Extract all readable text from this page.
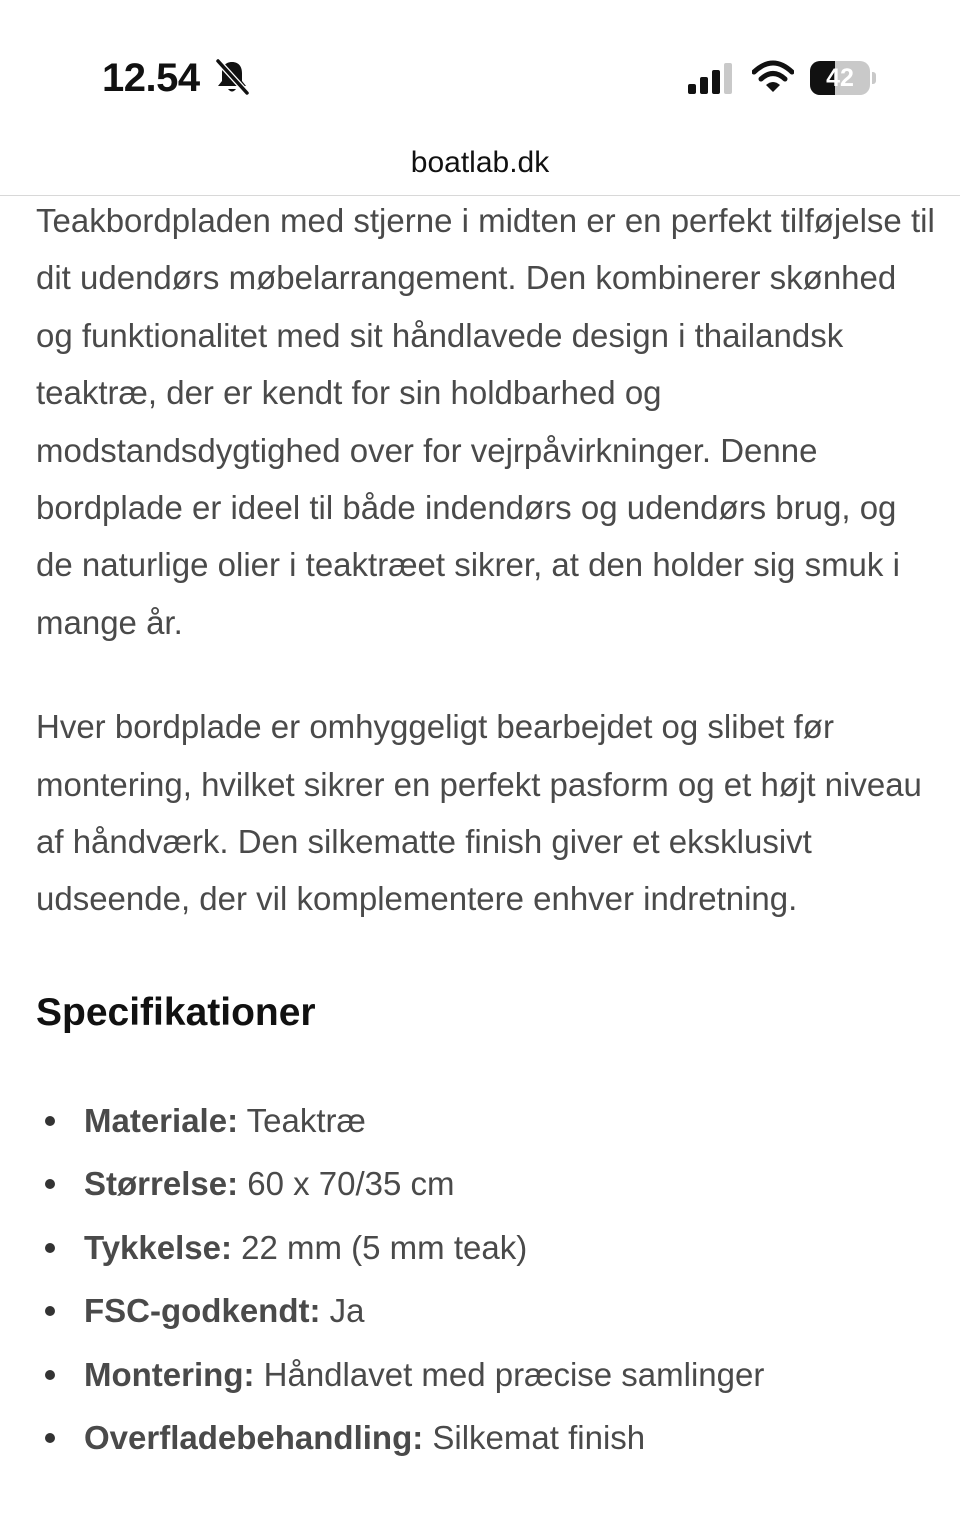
12.54	42
boatlab.dk

Teakbordpladen med stjerne i midten er en perfekt tilføjelse til dit udendørs møbelarrangement. Den kombinerer skønhed og funktionalitet med sit håndlavede design i thailandsk teaktræ, der er kendt for sin holdbarhed og modstandsdygtighed over for vejrpåvirkninger. Denne bordplade er ideel til både indendørs og udendørs brug, og de naturlige olier i teaktræet sikrer, at den holder sig smuk i mange år.

Hver bordplade er omhyggeligt bearbejdet og slibet før montering, hvilket sikrer en perfekt pasform og et højt niveau af håndværk. Den silkematte finish giver et eksklusivt udseende, der vil komplementere enhver indretning.

Specifikationer
Materiale: Teaktræ
Størrelse: 60 x 70/35 cm
Tykkelse: 22 mm (5 mm teak)
FSC-godkendt: Ja
Montering: Håndlavet med præcise samlinger
Overfladebehandling: Silkemat finish
